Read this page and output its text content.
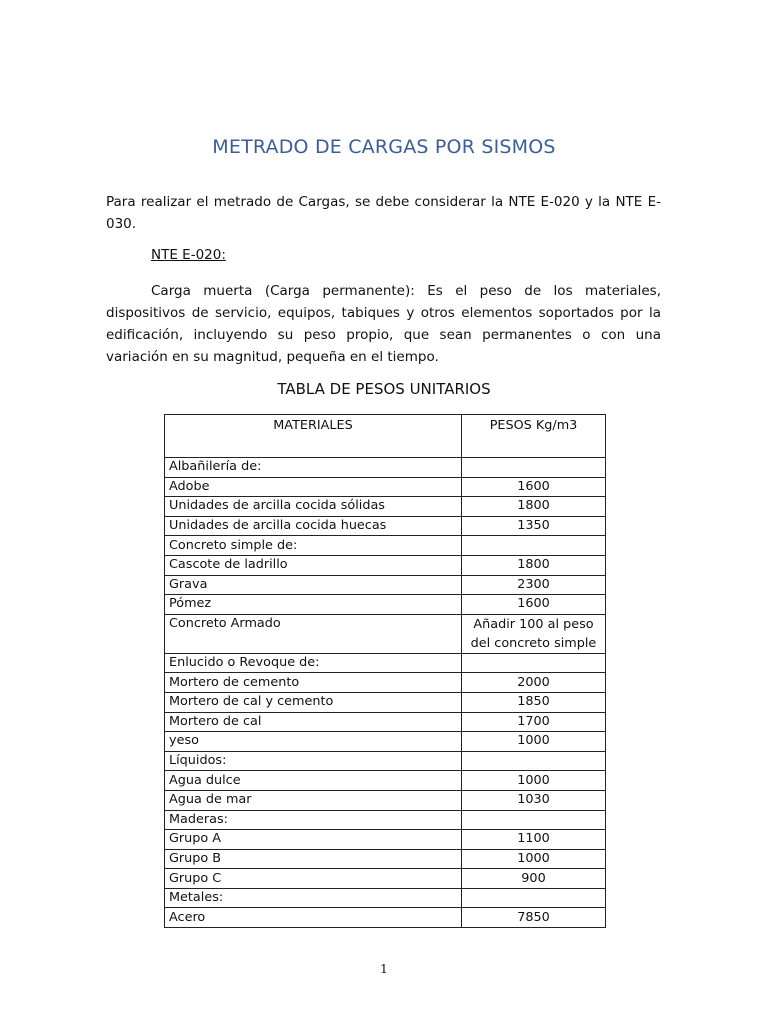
METRADO DE CARGAS POR SISMOS
Para realizar el metrado de Cargas, se debe considerar la NTE E-020 y la NTE E-030.
NTE E-020:
Carga muerta (Carga permanente): Es el peso de los materiales, dispositivos de servicio, equipos, tabiques y otros elementos soportados por la edificación, incluyendo su peso propio, que sean permanentes o con una variación en su magnitud, pequeña en el tiempo.
TABLA DE PESOS UNITARIOS
MATERIALES	PESOS Kg/m3
Albañilería de:	
Adobe	1600
Unidades de arcilla cocida sólidas	1800
Unidades de arcilla cocida huecas	1350
Concreto simple de:	
Cascote de ladrillo	1800
Grava	2300
Pómez	1600
Concreto Armado	Añadir 100 al peso del concreto simple
Enlucido o Revoque de:	
Mortero de cemento	2000
Mortero de cal y cemento	1850
Mortero de cal	1700
yeso	1000
Líquidos:	
Agua dulce	1000
Agua de mar	1030
Maderas:	
Grupo A	1100
Grupo B	1000
Grupo C	900
Metales:	
Acero	7850
1
